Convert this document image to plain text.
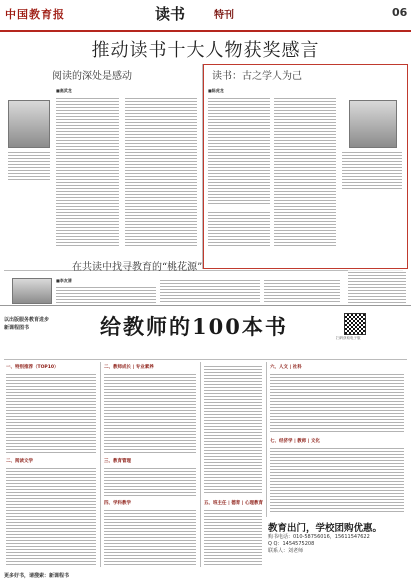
中国教育报	读书	特刊	06
推动读书十大人物获奖感言
阅读的深处是感动
■高武龙
读书：古之学人为己
■陈虎龙
在共读中找寻教育的“桃花源”
■李友清
以出版服务教育进步
新课程图书	给教师的100本书	扫码获取电子版
一、特别推荐（TOP10）
二、阅读文学
二、教师成长 | 专业素养
三、教育管理
四、学科教学	五、班主任 | 德育 | 心理教育
六、人文 | 社科
七、经济学 | 教师 | 文化
教育出门，学校团购优惠。
购书电话：010-58756016，15611547622
Q Q：1454575208
联系人：刘老师
更多好书，请搜索：新课程书
